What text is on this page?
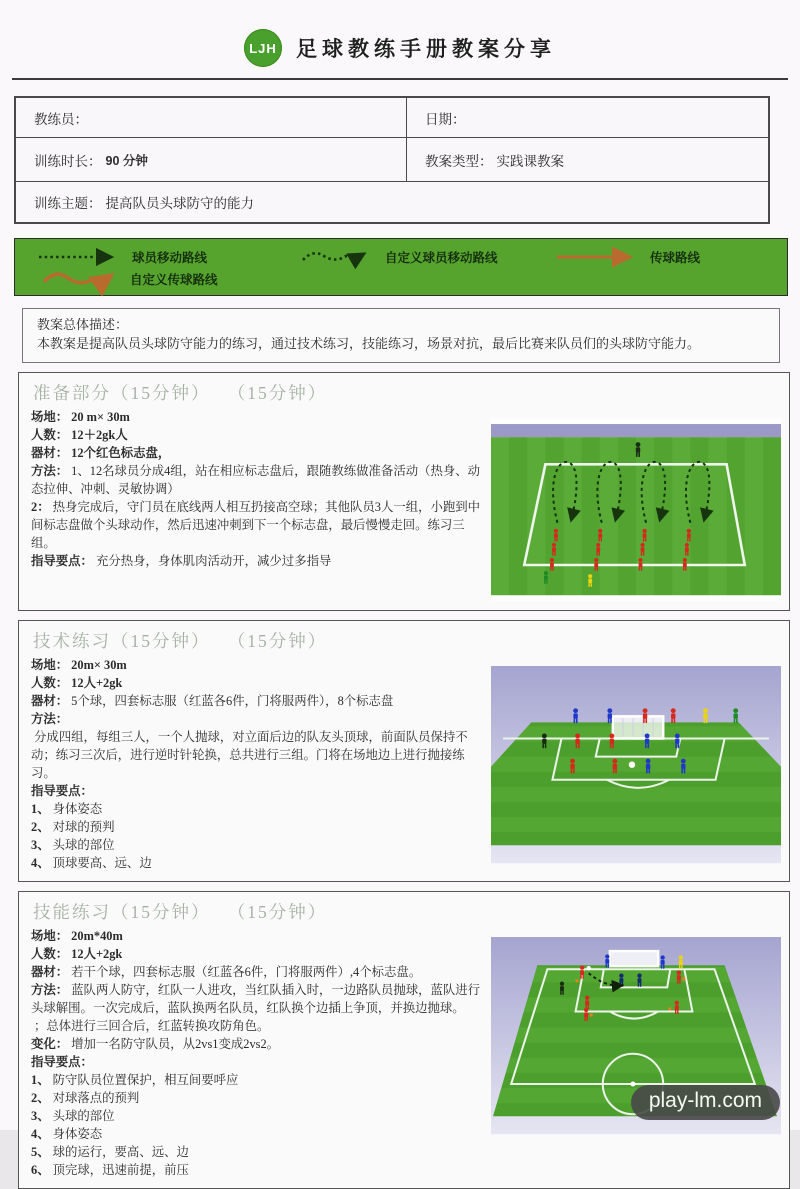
LJH 足球教练手册教案分享
教练员：	日期：
训练时长： 90 分钟	教案类型： 实践课教案
训练主题： 提高队员头球防守的能力
球员移动路线	自定义球员移动路线	传球路线
自定义传球路线
教案总体描述：
本教案是提高队员头球防守能力的练习，通过技术练习，技能练习，场景对抗，最后比赛来队员们的头球防守能力。
准备部分（15分钟） （15分钟）
场地： 20 m× 30m
人数： 12＋2gk人
器材： 12个红色标志盘，
方法： 1、12名球员分成4组，站在相应标志盘后，跟随教练做准备活动（热身、动态拉伸、冲刺、灵敏协调）
2： 热身完成后，守门员在底线两人相互扔接高空球；其他队员3人一组，小跑到中间标志盘做个头球动作，然后迅速冲刺到下一个标志盘，最后慢慢走回。练习三组。
指导要点： 充分热身，身体肌肉活动开，减少过多指导
技术练习（15分钟） （15分钟）
场地： 20m× 30m
人数： 12人+2gk
器材： 5个球，四套标志服（红蓝各6件，门将服两件），8个标志盘
方法：
分成四组，每组三人，一个人抛球，对立面后边的队友头顶球，前面队员保持不动；练习三次后，进行逆时针轮换，总共进行三组。门将在场地边上进行抛接练习。
指导要点：
1、 身体姿态
2、 对球的预判
3、 头球的部位
4、 顶球要高、远、边
技能练习（15分钟） （15分钟）
场地： 20m*40m
人数： 12人+2gk
器材： 若干个球，四套标志服（红蓝各6件，门将服两件）,4个标志盘。
方法： 蓝队两人防守，红队一人进攻，当红队插入时，一边路队员抛球，蓝队进行头球解围。一次完成后，蓝队换两名队员，红队换个边插上争顶，并换边抛球。
；总体进行三回合后，红蓝转换攻防角色。
变化： 增加一名防守队员，从2vs1变成2vs2。
指导要点：
1、 防守队员位置保护，相互间要呼应
2、 对球落点的预判
3、 头球的部位
4、 身体姿态
5、 球的运行，要高、远、边
6、 顶完球，迅速前提，前压
play-lm.com
